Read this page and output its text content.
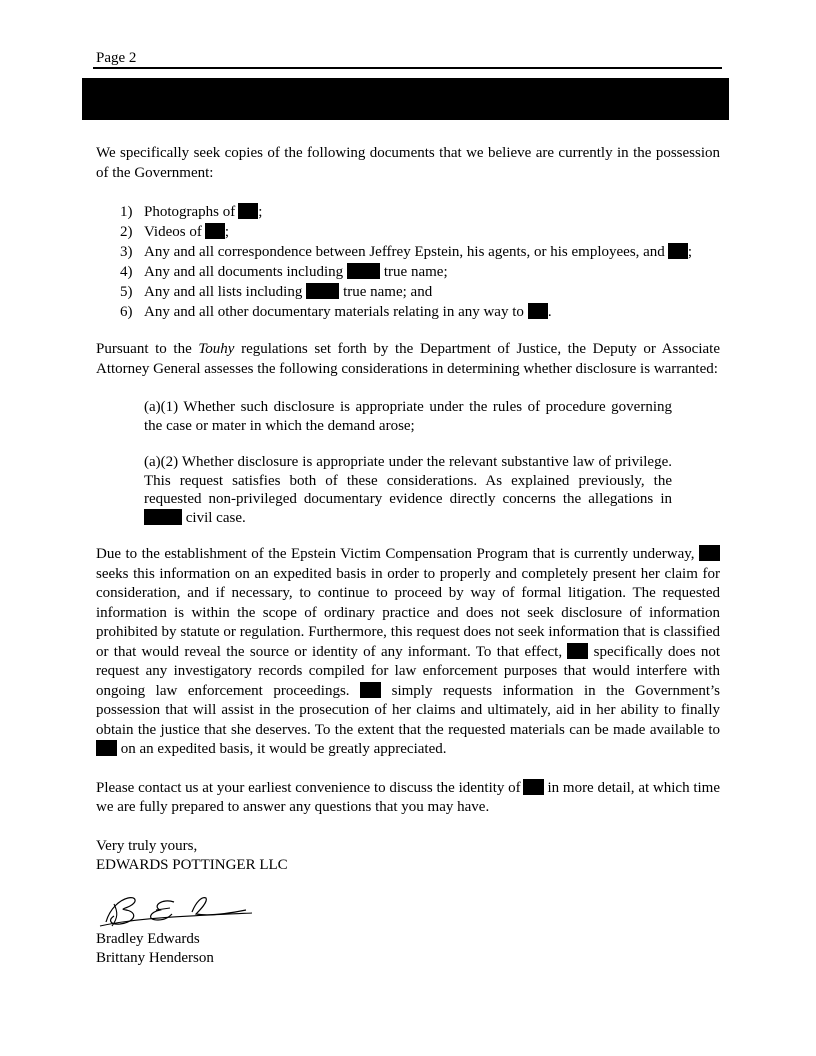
Page 2

We specifically seek copies of the following documents that we believe are currently in the possession of the Government:

1) Photographs of ;
2) Videos of ;
3) Any and all correspondence between Jeffrey Epstein, his agents, or his employees, and ;
4) Any and all documents including true name;
5) Any and all lists including true name; and
6) Any and all other documentary materials relating in any way to .

Pursuant to the Touhy regulations set forth by the Department of Justice, the Deputy or Associate Attorney General assesses the following considerations in determining whether disclosure is warranted:

(a)(1) Whether such disclosure is appropriate under the rules of procedure governing the case or mater in which the demand arose;

(a)(2) Whether disclosure is appropriate under the relevant substantive law of privilege. This request satisfies both of these considerations. As explained previously, the requested non-privileged documentary evidence directly concerns the allegations in  civil case.

Due to the establishment of the Epstein Victim Compensation Program that is currently underway,  seeks this information on an expedited basis in order to properly and completely present her claim for consideration, and if necessary, to continue to proceed by way of formal litigation. The requested information is within the scope of ordinary practice and does not seek disclosure of information prohibited by statute or regulation. Furthermore, this request does not seek information that is classified or that would reveal the source or identity of any informant. To that effect,  specifically does not request any investigatory records compiled for law enforcement purposes that would interfere with ongoing law enforcement proceedings.  simply requests information in the Government’s possession that will assist in the prosecution of her claims and ultimately, aid in her ability to finally obtain the justice that she deserves. To the extent that the requested materials can be made available to  on an expedited basis, it would be greatly appreciated.

Please contact us at your earliest convenience to discuss the identity of in more detail, at which time we are fully prepared to answer any questions that you may have.

Very truly yours,

EDWARDS POTTINGER LLC

Bradley Edwards

Brittany Henderson
